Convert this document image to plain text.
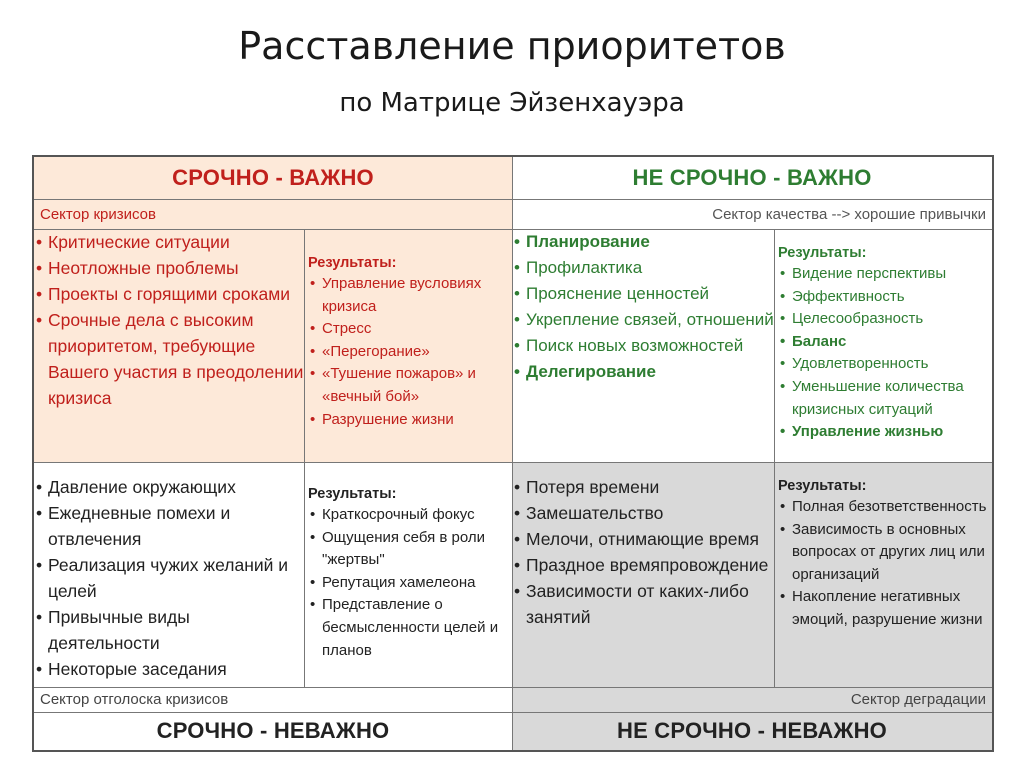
Расставление приоритетов
по Матрице Эйзенхауэра
СРОЧНО - ВАЖНО
Сектор кризисов
• Критические ситуации
• Неотложные проблемы
• Проекты с горящими сроками
• Срочные дела с высоким приоритетом, требующие Вашего участия в преодолении кризиса
Результаты:
• Управление вусловиях кризиса
• Стресс
• «Перегорание»
• «Тушение пожаров» и «вечный бой»
• Разрушение жизни
НЕ СРОЧНО - ВАЖНО
Сектор качества --> хорошие привычки
• Планирование
• Профилактика
• Прояснение ценностей
• Укрепление связей, отношений
• Поиск новых возможностей
• Делегирование
Результаты:
• Видение перспективы
• Эффективность
• Целесообразность
• Баланс
• Удовлетворенность
• Уменьшение количества кризисных ситуаций
• Управление жизнью
• Давление окружающих
• Ежедневные помехи и отвлечения
• Реализация чужих желаний и целей
• Привычные виды деятельности
• Некоторые заседания
Результаты:
• Краткосрочный фокус
• Ощущения себя в роли "жертвы"
• Репутация хамелеона
• Представление о бесмысленности целей и планов
Сектор отголоска кризисов
СРОЧНО - НЕВАЖНО
• Потеря времени
• Замешательство
• Мелочи, отнимающие время
• Праздное времяпровождение
• Зависимости от каких-либо занятий
Результаты:
• Полная безответственность
• Зависимость в основных вопросах от других лиц или организаций
• Накопление негативных эмоций, разрушение жизни
Сектор деградации
НЕ СРОЧНО - НЕВАЖНО
